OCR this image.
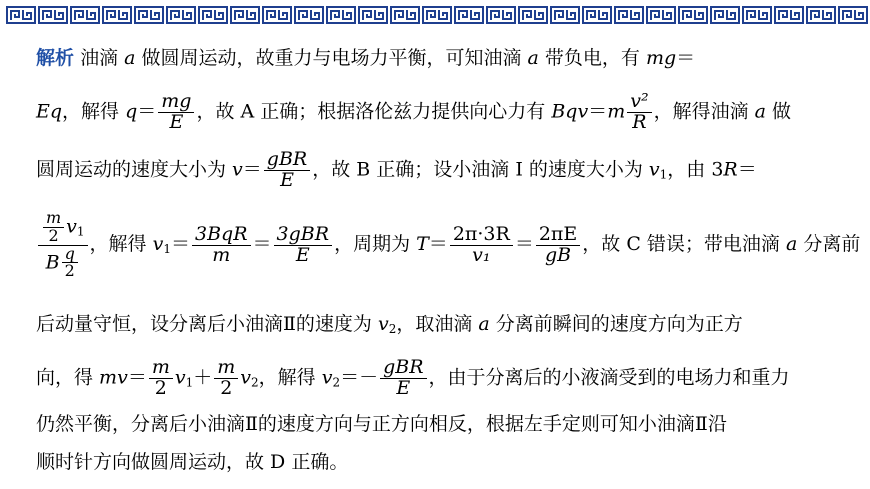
解析 油滴 a 做圆周运动，故重力与电场力平衡，可知油滴 a 带负电，有 mg＝
Eq，解得 $q= \frac{mg}{E}$ ，故 A 正确；根据洛伦兹力提供向心力有 $Bqv=m \frac{\text{v²}}{R}$ ，解得油滴 a 做
圆周运动的速度大小为 $v= \frac{\text{gBR}}{E}$ ，故 B 正确；设小油滴 I 的速度大小为 $v_1$，由 3R＝
$\frac{\frac{m}{2} v_1}{B \frac{q}{2}}$ ，解得 $v_1= \frac{\text{3BqR}}{m} = \frac{\text{3gBR}}{E}$ ，周期为 $T= \frac{2\pi\cdot 3R}{\text{v₁}} = \frac{2\pi E}{gB}$ ，故 C 错误；带电油滴 a 分离前
后动量守恒，设分离后小油滴Ⅱ的速度为 $v_2$，取油滴 a 分离前瞬间的速度方向为正方
向，得 $mv= \frac{m}{2} v_1+ \frac{m}{2} v_2$，解得 $v_2=- \frac{\text{gBR}}{E}$ ，由于分离后的小液滴受到的电场力和重力
仍然平衡，分离后小油滴Ⅱ的速度方向与正方向相反，根据左手定则可知小油滴Ⅱ沿
顺时针方向做圆周运动，故 D 正确。
